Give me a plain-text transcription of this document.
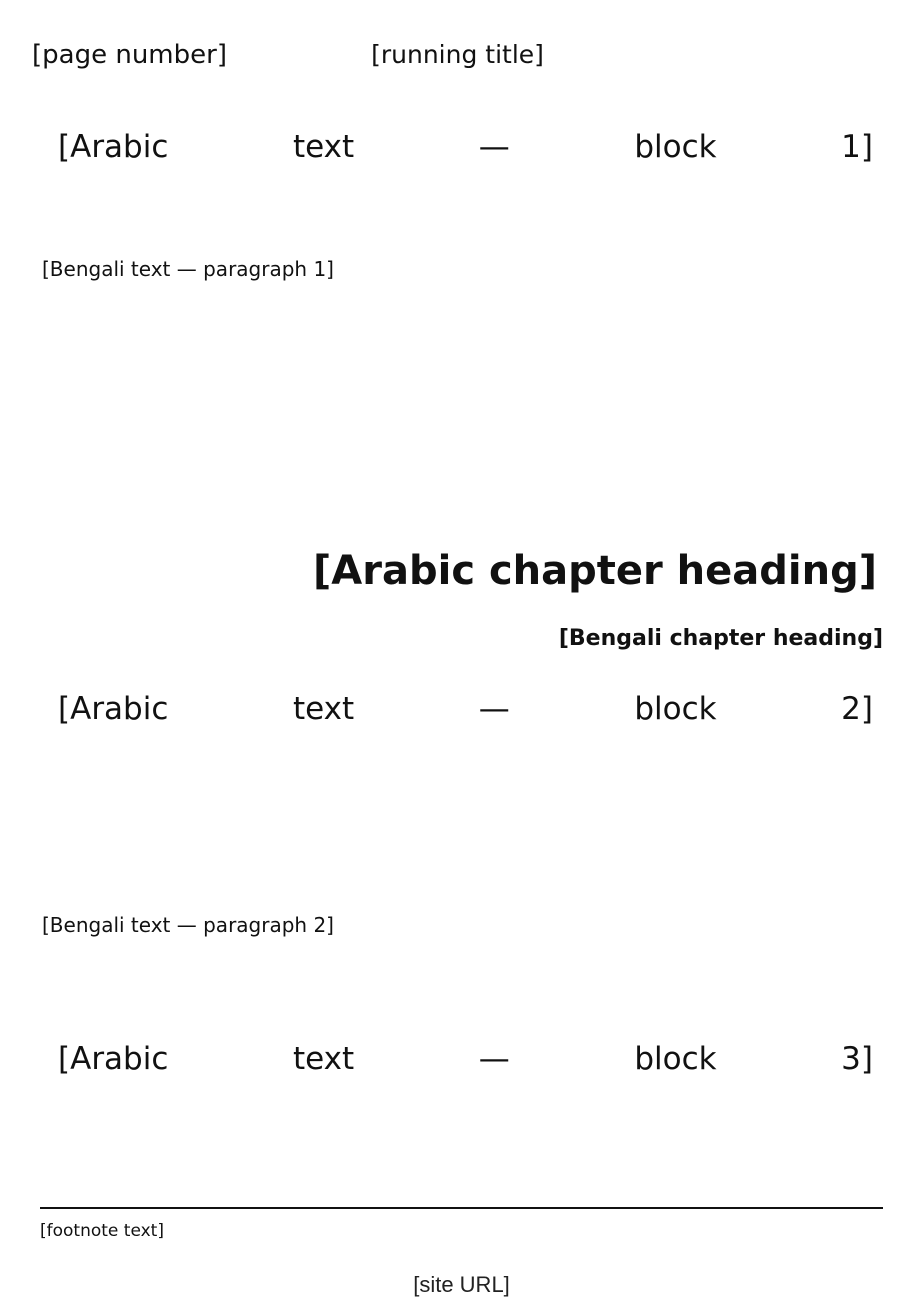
[page number]	[running title]
[Arabic text — block 1]
[Bengali text — paragraph 1]
[Arabic chapter heading]
[Bengali chapter heading]
[Arabic text — block 2]
[Bengali text — paragraph 2]
[Arabic text — block 3]
[footnote text]
[site URL]
